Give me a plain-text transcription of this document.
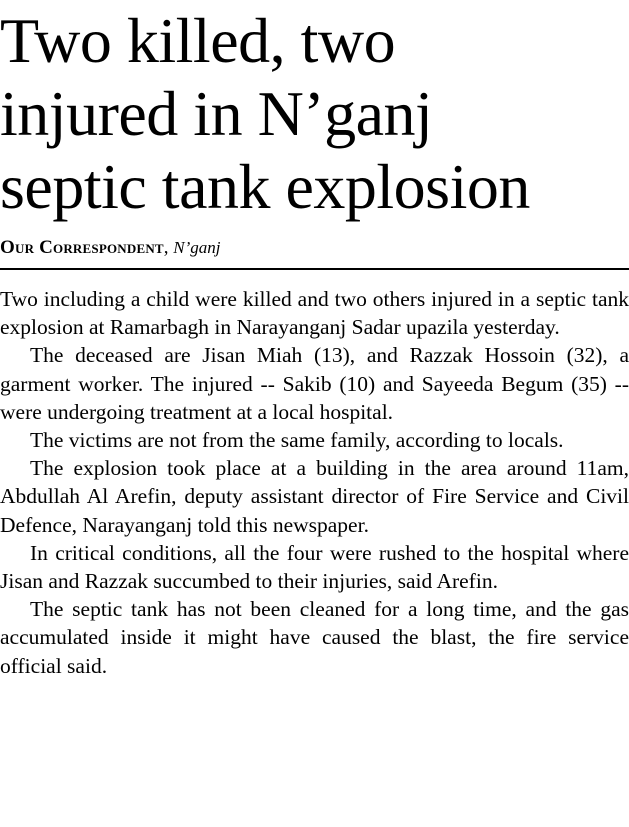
Two killed, two
injured in N’ganj
septic tank explosion
Our Correspondent, N’ganj

Two including a child were killed and two others injured in a septic tank explosion at Ramarbagh in Narayanganj Sadar upazila yesterday.

The deceased are Jisan Miah (13), and Razzak Hossoin (32), a garment worker. The injured -- Sakib (10) and Sayeeda Begum (35) -- were undergoing treatment at a local hospital.

The victims are not from the same family, according to locals.

The explosion took place at a building in the area around 11am, Abdullah Al Arefin, deputy assistant director of Fire Service and Civil Defence, Narayanganj told this newspaper.

In critical conditions, all the four were rushed to the hospital where Jisan and Razzak succumbed to their injuries, said Arefin.

The septic tank has not been cleaned for a long time, and the gas accumulated inside it might have caused the blast, the fire service official said.
